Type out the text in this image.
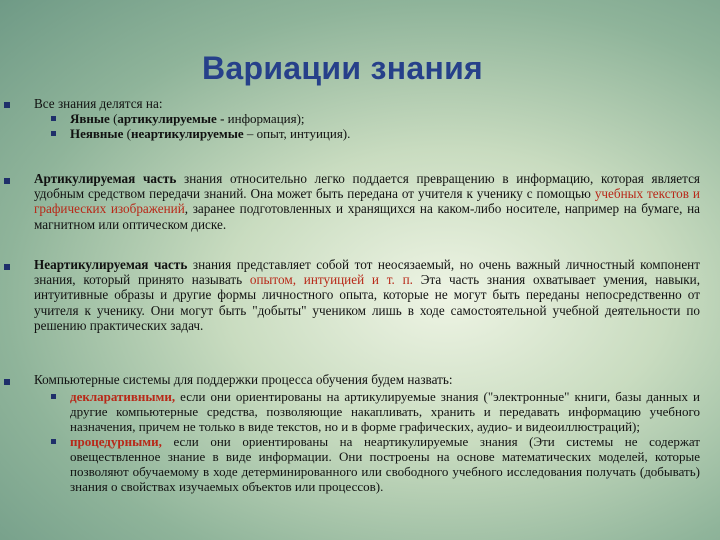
Вариации знания
Все знания делятся на:
Явные (артикулируемые - информация);
Неявные (неартикулируемые – опыт, интуиция).
Артикулируемая часть знания относительно легко поддается превращению в информацию, которая является удобным средством передачи знаний. Она может быть передана от учителя к ученику с помощью учебных текстов и графических изображений, заранее подготовленных и хранящихся на каком-либо носителе, например на бумаге, на магнитном или оптическом диске.
Неартикулируемая часть знания представляет собой тот неосязаемый, но очень важный личностный компонент знания, который принято называть опытом, интуицией и т. п. Эта часть знания охватывает умения, навыки, интуитивные образы и другие формы личностного опыта, которые не могут быть переданы непосредственно от учителя к ученику. Они могут быть "добыты" учеником лишь в ходе самостоятельной учебной деятельности по решению практических задач.
Компьютерные системы для поддержки процесса обучения будем назвать:
декларативными, если они ориентированы на артикулируемые знания ("электронные" книги, базы данных и другие компьютерные средства, позволяющие накапливать, хранить и передавать информацию учебного назначения, причем не только в виде текстов, но и в форме графических, аудио- и видеоиллюстраций);
процедурными, если они ориентированы на неартикулируемые знания (Эти системы не содержат овеществленное знание в виде информации. Они построены на основе математических моделей, которые позволяют обучаемому в ходе детерминированного или свободного учебного исследования получать (добывать) знания о свойствах изучаемых объектов или процессов).
